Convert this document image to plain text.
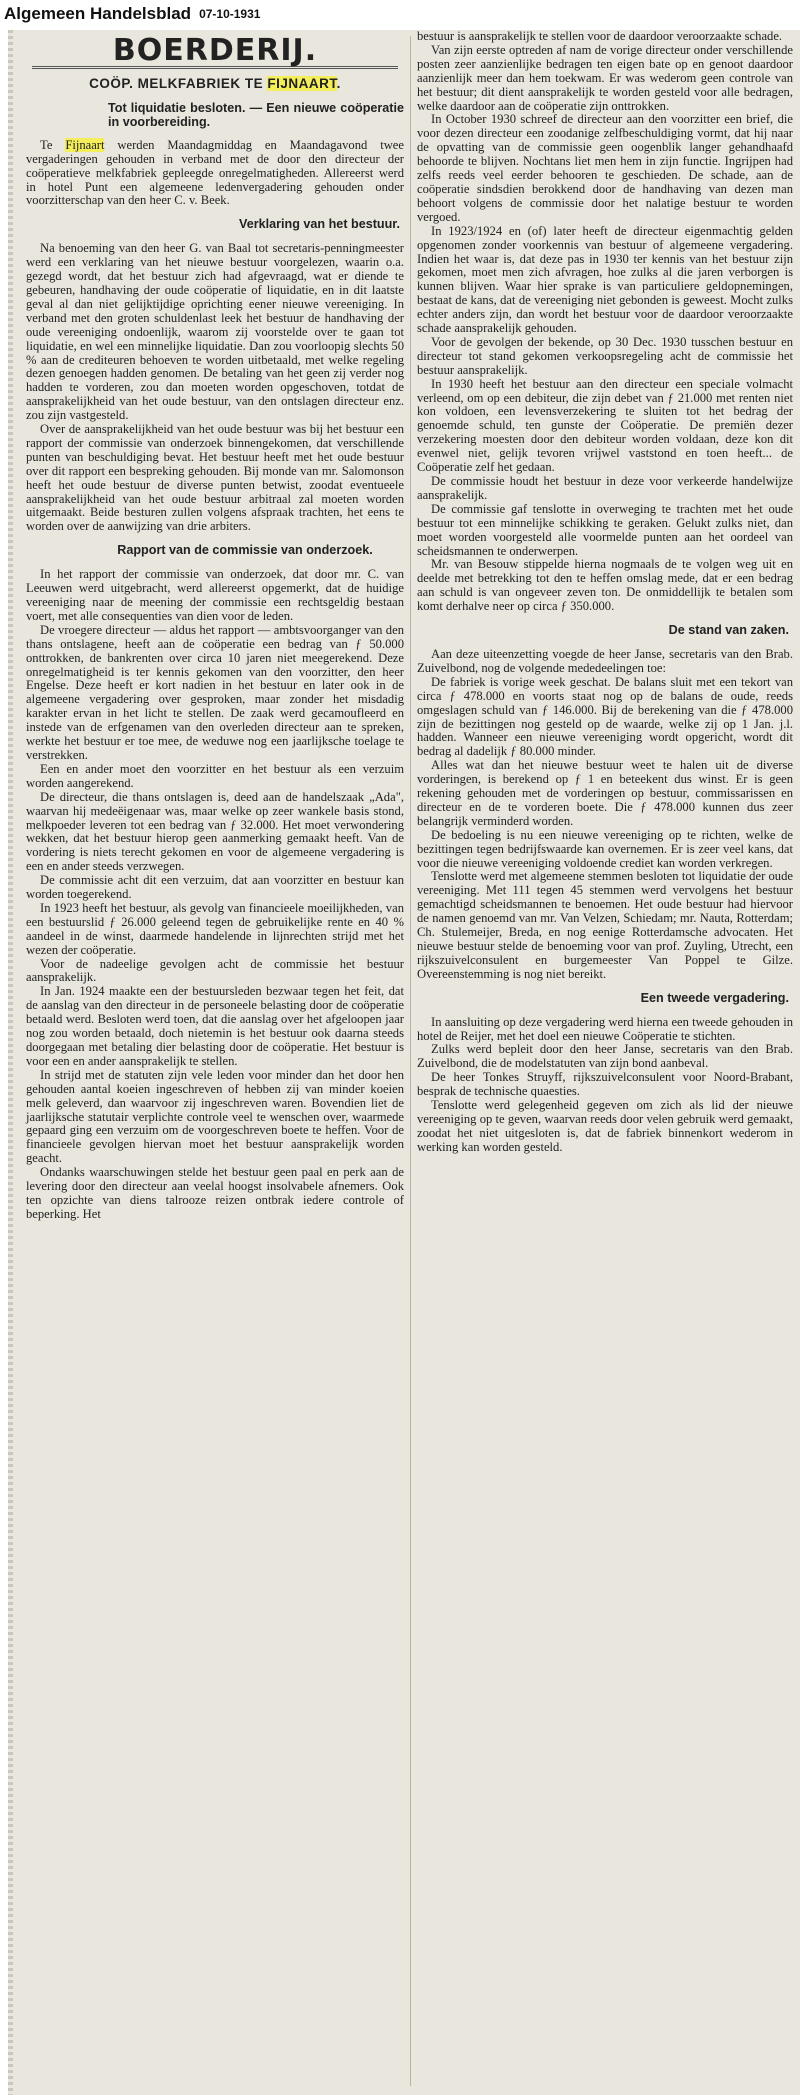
Algemeen Handelsblad 07-10-1931
BOERDERIJ.
COÖP. MELKFABRIEK TE FIJNAART.
Tot liquidatie besloten. — Een nieuwe coöperatie in voorbereiding.

Te Fijnaart werden Maandagmiddag en Maandagavond twee vergaderingen gehouden in verband met de door den directeur der coöperatieve melkfabriek gepleegde onregelmatigheden. Allereerst werd in hotel Punt een algemeene ledenvergadering gehouden onder voorzitterschap van den heer C. v. Beek.

Verklaring van het bestuur.

Na benoeming van den heer G. van Baal tot secretaris-penningmeester werd een verklaring van het nieuwe bestuur voorgelezen, waarin o.a. gezegd wordt, dat het bestuur zich had afgevraagd, wat er diende te gebeuren, handhaving der oude coöperatie of liquidatie, en in dit laatste geval al dan niet gelijktijdige oprichting eener nieuwe vereeniging. In verband met den groten schuldenlast leek het bestuur de handhaving der oude vereeniging ondoenlijk, waarom zij voorstelde over te gaan tot liquidatie, en wel een minnelijke liquidatie. Dan zou voorloopig slechts 50 % aan de crediteuren behoeven te worden uitbetaald, met welke regeling dezen genoegen hadden genomen. De betaling van het geen zij verder nog hadden te vorderen, zou dan moeten worden opgeschoven, totdat de aansprakelijkheid van het oude bestuur, van den ontslagen directeur enz. zou zijn vastgesteld.

Over de aansprakelijkheid van het oude bestuur was bij het bestuur een rapport der commissie van onderzoek binnengekomen, dat verschillende punten van beschuldiging bevat. Het bestuur heeft met het oude bestuur over dit rapport een bespreking gehouden. Bij monde van mr. Salomonson heeft het oude bestuur de diverse punten betwist, zoodat eventueele aansprakelijkheid van het oude bestuur arbitraal zal moeten worden uitgemaakt. Beide besturen zullen volgens afspraak trachten, het eens te worden over de aanwijzing van drie arbiters.

Rapport van de commissie van onderzoek.

In het rapport der commissie van onderzoek, dat door mr. C. van Leeuwen werd uitgebracht, werd allereerst opgemerkt, dat de huidige vereeniging naar de meening der commissie een rechtsgeldig bestaan voert, met alle consequenties van dien voor de leden.

De vroegere directeur — aldus het rapport — ambtsvoorganger van den thans ontslagene, heeft aan de coöperatie een bedrag van ƒ 50.000 onttrokken, de bankrenten over circa 10 jaren niet meegerekend. Deze onregelmatigheid is ter kennis gekomen van den voorzitter, den heer Engelse. Deze heeft er kort nadien in het bestuur en later ook in de algemeene vergadering over gesproken, maar zonder het misdadig karakter ervan in het licht te stellen. De zaak werd gecamoufleerd en instede van de erfgenamen van den overleden directeur aan te spreken, werkte het bestuur er toe mee, de weduwe nog een jaarlijksche toelage te verstrekken.

Een en ander moet den voorzitter en het bestuur als een verzuim worden aangerekend.

De directeur, die thans ontslagen is, deed aan de handelszaak „Ada", waarvan hij medeëigenaar was, maar welke op zeer wankele basis stond, melkpoeder leveren tot een bedrag van ƒ 32.000. Het moet verwondering wekken, dat het bestuur hierop geen aanmerking gemaakt heeft. Van de vordering is niets terecht gekomen en voor de algemeene vergadering is een en ander steeds verzwegen.

De commissie acht dit een verzuim, dat aan voorzitter en bestuur kan worden toegerekend.

In 1923 heeft het bestuur, als gevolg van financieele moeilijkheden, van een bestuurslid ƒ 26.000 geleend tegen de gebruikelijke rente en 40 % aandeel in de winst, daarmede handelende in lijnrechten strijd met het wezen der coöperatie.

Voor de nadeelige gevolgen acht de commissie het bestuur aansprakelijk.

In Jan. 1924 maakte een der bestuursleden bezwaar tegen het feit, dat de aanslag van den directeur in de personeele belasting door de coöperatie betaald werd. Besloten werd toen, dat die aanslag over het afgeloopen jaar nog zou worden betaald, doch nietemin is het bestuur ook daarna steeds doorgegaan met betaling dier belasting door de coöperatie. Het bestuur is voor een en ander aansprakelijk te stellen.

In strijd met de statuten zijn vele leden voor minder dan het door hen gehouden aantal koeien ingeschreven of hebben zij van minder koeien melk geleverd, dan waarvoor zij ingeschreven waren. Bovendien liet de jaarlijksche statutair verplichte controle veel te wenschen over, waarmede gepaard ging een verzuim om de voorgeschreven boete te heffen. Voor de financieele gevolgen hiervan moet het bestuur aansprakelijk worden geacht.

Ondanks waarschuwingen stelde het bestuur geen paal en perk aan de levering door den directeur aan veelal hoogst insolvabele afnemers. Ook ten opzichte van diens talrooze reizen ontbrak iedere controle of beperking. Het

bestuur is aansprakelijk te stellen voor de daardoor veroorzaakte schade.

Van zijn eerste optreden af nam de vorige directeur onder verschillende posten zeer aanzienlijke bedragen ten eigen bate op en genoot daardoor aanzienlijk meer dan hem toekwam. Er was wederom geen controle van het bestuur; dit dient aansprakelijk te worden gesteld voor alle bedragen, welke daardoor aan de coöperatie zijn onttrokken.

In October 1930 schreef de directeur aan den voorzitter een brief, die voor dezen directeur een zoodanige zelfbeschuldiging vormt, dat hij naar de opvatting van de commissie geen oogenblik langer gehandhaafd behoorde te blijven. Nochtans liet men hem in zijn functie. Ingrijpen had zelfs reeds veel eerder behooren te geschieden. De schade, aan de coöperatie sindsdien berokkend door de handhaving van dezen man behoort volgens de commissie door het nalatige bestuur te worden vergoed.

In 1923/1924 en (of) later heeft de directeur eigenmachtig gelden opgenomen zonder voorkennis van bestuur of algemeene vergadering. Indien het waar is, dat deze pas in 1930 ter kennis van het bestuur zijn gekomen, moet men zich afvragen, hoe zulks al die jaren verborgen is kunnen blijven. Waar hier sprake is van particuliere geldopnemingen, bestaat de kans, dat de vereeniging niet gebonden is geweest. Mocht zulks echter anders zijn, dan wordt het bestuur voor de daardoor veroorzaakte schade aansprakelijk gehouden.

Voor de gevolgen der bekende, op 30 Dec. 1930 tusschen bestuur en directeur tot stand gekomen verkoopsregeling acht de commissie het bestuur aansprakelijk.

In 1930 heeft het bestuur aan den directeur een speciale volmacht verleend, om op een debiteur, die zijn debet van ƒ 21.000 met renten niet kon voldoen, een levensverzekering te sluiten tot het bedrag der genoemde schuld, ten gunste der Coöperatie. De premiën dezer verzekering moesten door den debiteur worden voldaan, deze kon dit evenwel niet, gelijk tevoren vrijwel vaststond en toen heeft... de Coöperatie zelf het gedaan.

De commissie houdt het bestuur in deze voor verkeerde handelwijze aansprakelijk.

De commissie gaf tenslotte in overweging te trachten met het oude bestuur tot een minnelijke schikking te geraken. Gelukt zulks niet, dan moet worden voorgesteld alle voormelde punten aan het oordeel van scheidsmannen te onderwerpen.

Mr. van Besouw stippelde hierna nogmaals de te volgen weg uit en deelde met betrekking tot den te heffen omslag mede, dat er een bedrag aan schuld is van ongeveer zeven ton. De onmiddellijk te betalen som komt derhalve neer op circa ƒ 350.000.

De stand van zaken.

Aan deze uiteenzetting voegde de heer Janse, secretaris van den Brab. Zuivelbond, nog de volgende mededeelingen toe:

De fabriek is vorige week geschat. De balans sluit met een tekort van circa ƒ 478.000 en voorts staat nog op de balans de oude, reeds omgeslagen schuld van ƒ 146.000. Bij de berekening van die ƒ 478.000 zijn de bezittingen nog gesteld op de waarde, welke zij op 1 Jan. j.l. hadden. Wanneer een nieuwe vereeniging wordt opgericht, wordt dit bedrag al dadelijk ƒ 80.000 minder.

Alles wat dan het nieuwe bestuur weet te halen uit de diverse vorderingen, is berekend op ƒ 1 en beteekent dus winst. Er is geen rekening gehouden met de vorderingen op bestuur, commissarissen en directeur en de te vorderen boete. Die ƒ 478.000 kunnen dus zeer belangrijk verminderd worden.

De bedoeling is nu een nieuwe vereeniging op te richten, welke de bezittingen tegen bedrijfswaarde kan overnemen. Er is zeer veel kans, dat voor die nieuwe vereeniging voldoende crediet kan worden verkregen.

Tenslotte werd met algemeene stemmen besloten tot liquidatie der oude vereeniging. Met 111 tegen 45 stemmen werd vervolgens het bestuur gemachtigd scheidsmannen te benoemen. Het oude bestuur had hiervoor de namen genoemd van mr. Van Velzen, Schiedam; mr. Nauta, Rotterdam; Ch. Stulemeijer, Breda, en nog eenige Rotterdamsche advocaten. Het nieuwe bestuur stelde de benoeming voor van prof. Zuyling, Utrecht, een rijkszuivelconsulent en burgemeester Van Poppel te Gilze. Overeenstemming is nog niet bereikt.

Een tweede vergadering.

In aansluiting op deze vergadering werd hierna een tweede gehouden in hotel de Reijer, met het doel een nieuwe Coöperatie te stichten.

Zulks werd bepleit door den heer Janse, secretaris van den Brab. Zuivelbond, die de modelstatuten van zijn bond aanbeval.

De heer Tonkes Struyff, rijkszuivelconsulent voor Noord-Brabant, besprak de technische quaesties.

Tenslotte werd gelegenheid gegeven om zich als lid der nieuwe vereeniging op te geven, waarvan reeds door velen gebruik werd gemaakt, zoodat het niet uitgesloten is, dat de fabriek binnenkort wederom in werking kan worden gesteld.
